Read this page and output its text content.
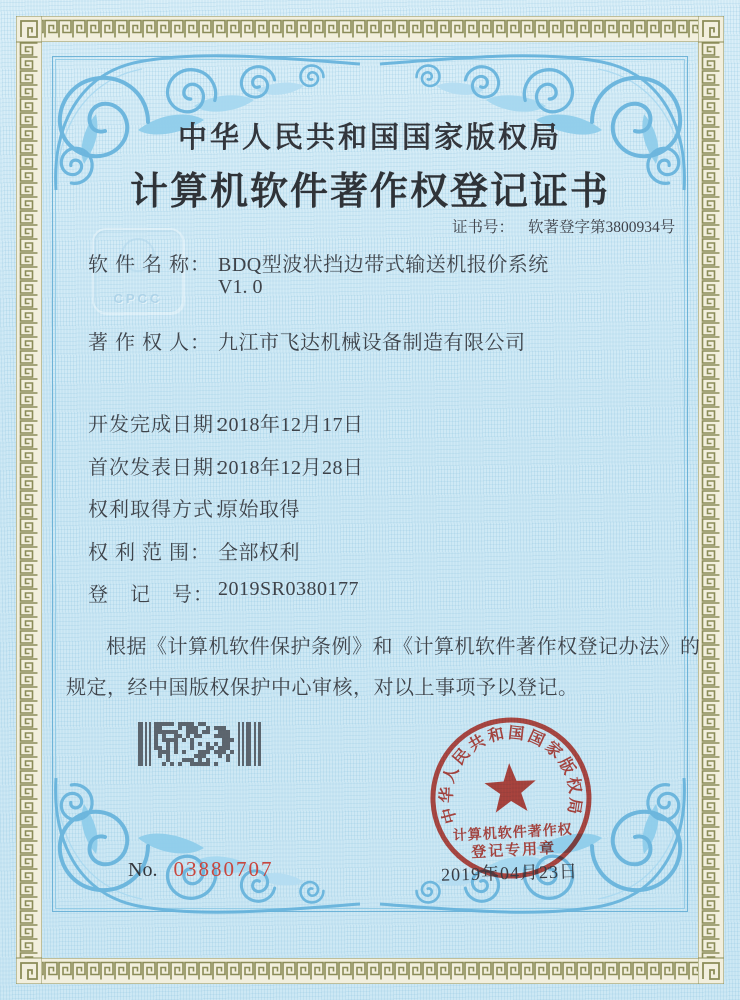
CPCC
中华人民共和国国家版权局
计算机软件著作权登记证书
证书号： 软著登字第3800934号
软 件 名 称： BDQ型波状挡边带式输送机报价系统
V1. 0
著 作 权 人： 九江市飞达机械设备制造有限公司
开发完成日期：
2018年12月17日
首次发表日期：
2018年12月28日
权利取得方式：
原始取得
权 利 范 围： 全部权利
登　记　号： 2019SR0380177
根据《计算机软件保护条例》和《计算机软件著作权登记办法》的
规定，经中国版权保护中心审核，对以上事项予以登记。
No. 03880707
中华人民共和国国家版权局
计算机软件著作权
登记专用章
2019年04月23日
